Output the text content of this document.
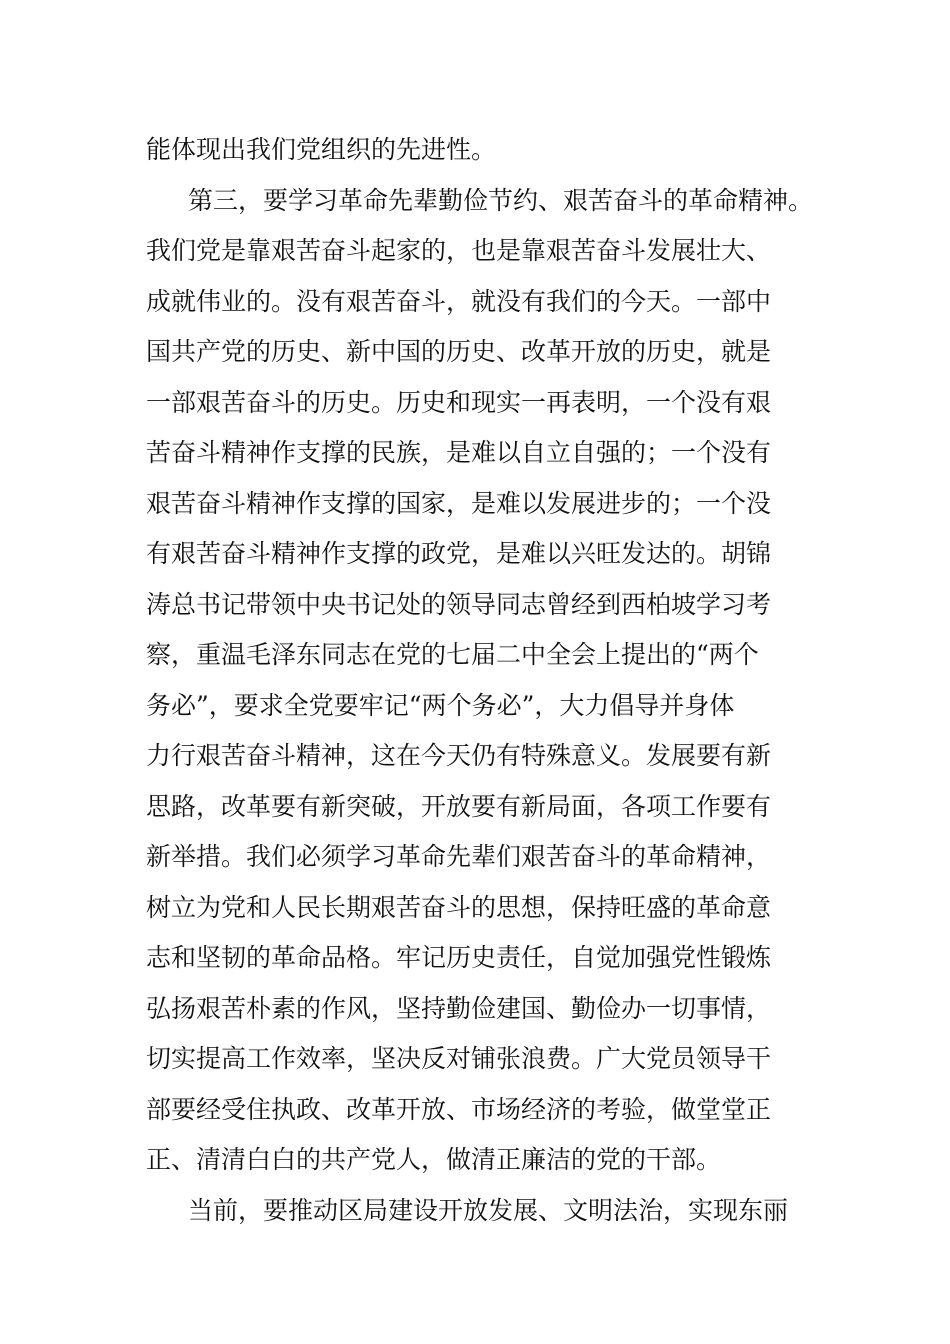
能体现出我们党组织的先进性。
第三，要学习革命先辈勤俭节约、艰苦奋斗的革命精神。
我们党是靠艰苦奋斗起家的，也是靠艰苦奋斗发展壮大、
成就伟业的。没有艰苦奋斗，就没有我们的今天。一部中
国共产党的历史、新中国的历史、改革开放的历史，就是
一部艰苦奋斗的历史。历史和现实一再表明，一个没有艰
苦奋斗精神作支撑的民族，是难以自立自强的；一个没有
艰苦奋斗精神作支撑的国家，是难以发展进步的；一个没
有艰苦奋斗精神作支撑的政党，是难以兴旺发达的。胡锦
涛总书记带领中央书记处的领导同志曾经到西柏坡学习考
察，重温毛泽东同志在党的七届二中全会上提出的“两个
务必”，要求全党要牢记“两个务必”，大力倡导并身体
力行艰苦奋斗精神，这在今天仍有特殊意义。发展要有新
思路，改革要有新突破，开放要有新局面，各项工作要有
新举措。我们必须学习革命先辈们艰苦奋斗的革命精神，
树立为党和人民长期艰苦奋斗的思想，保持旺盛的革命意
志和坚韧的革命品格。牢记历史责任，自觉加强党性锻炼
弘扬艰苦朴素的作风，坚持勤俭建国、勤俭办一切事情，
切实提高工作效率，坚决反对铺张浪费。广大党员领导干
部要经受住执政、改革开放、市场经济的考验，做堂堂正
正、清清白白的共产党人，做清正廉洁的党的干部。
当前，要推动区局建设开放发展、文明法治，实现东丽
